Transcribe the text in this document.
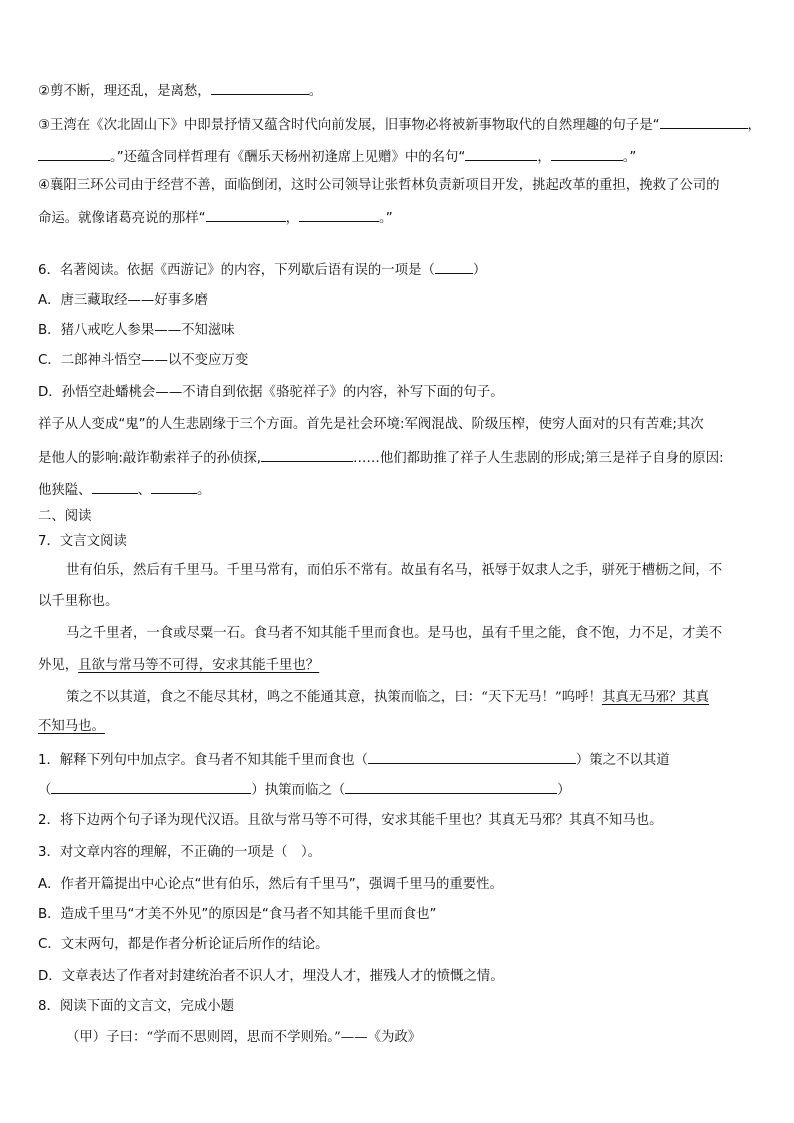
②剪不断，理还乱，是离愁，	。
③王湾在《次北固山下》中即景抒情又蕴含时代向前发展，旧事物必将被新事物取代的自然理趣的句子是“	，
。”还蕴含同样哲理有《酬乐天杨州初逢席上见赠》中的名句“	，	。”
④襄阳三环公司由于经营不善，面临倒闭，这时公司领导让张哲林负责新项目开发，挑起改革的重担，挽救了公司的
命运。就像诸葛亮说的那样“	，	。”
6．名著阅读。依据《西游记》的内容，下列歇后语有误的一项是（	）
A．唐三藏取经——好事多磨
B．猪八戒吃人参果——不知滋味
C．二郎神斗悟空——以不变应万变
D．孙悟空赴蟠桃会——不请自到依据《骆驼祥子》的内容，补写下面的句子。
祥子从人变成“鬼”的人生悲剧缘于三个方面。首先是社会环境:军阀混战、阶级压榨，使穷人面对的只有苦难;其次
是他人的影响:敲诈勒索祥子的孙侦探,	……他们都助推了祥子人生悲剧的形成;第三是祥子自身的原因:
他狭隘、	、	。
二、阅读
7．文言文阅读
世有伯乐，然后有千里马。千里马常有，而伯乐不常有。故虽有名马，祇辱于奴隶人之手，骈死于槽枥之间，不
以千里称也。
马之千里者，一食或尽粟一石。食马者不知其能千里而食也。是马也，虽有千里之能，食不饱，力不足，才美不
外见，且欲与常马等不可得，安求其能千里也？
策之不以其道，食之不能尽其材，鸣之不能通其意，执策而临之，曰：“天下无马！”呜呼！其真无马邪？其真
不知马也。
1．解释下列句中加点字。食马者不知其能千里而食也（	）策之不以其道
（	）执策而临之（	）
2．将下边两个句子译为现代汉语。且欲与常马等不可得，安求其能千里也？其真无马邪？其真不知马也。
3．对文章内容的理解，不正确的一项是（　）。
A．作者开篇提出中心论点“世有伯乐，然后有千里马”，强调千里马的重要性。
B．造成千里马“才美不外见”的原因是“食马者不知其能千里而食也”
C．文末两句，都是作者分析论证后所作的结论。
D．文章表达了作者对封建统治者不识人才，埋没人才，摧残人才的愤慨之情。
8．阅读下面的文言文，完成小题
（甲）子曰：“学而不思则罔，思而不学则殆。”——《为政》
